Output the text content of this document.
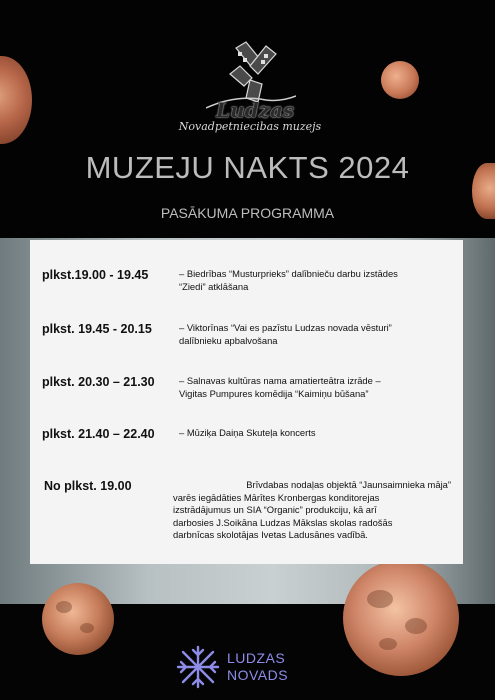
Ludzas
Novadpetniecibas muzejs
MUZEJU NAKTS 2024
PASĀKUMA PROGRAMMA
plkst.19.00 - 19.45	– Biedrības “Musturprieks” dalībnieču darbu izstādes
“Ziedi” atklāšana
plkst. 19.45 - 20.15	– Viktorīnas “Vai es pazīstu Ludzas novada vēsturi”
dalībnieku apbalvošana
plkst. 20.30 – 21.30	– Salnavas kultūras nama amatierteātra izrāde –
Vigitas Pumpures komēdija “Kaimiņu būšana”
plkst. 21.40 – 22.40	– Mūziķa Daiņa Skuteļa koncerts
No plkst. 19.00	Brīvdabas nodaļas objektā “Jaunsaimnieka māja”
varēs iegādāties Mārītes Kronbergas konditorejas
izstrādājumus un SIA “Organic” produkciju, kā arī
darbosies J.Soikāna Ludzas Mākslas skolas radošās
darbnīcas skolotājas Ivetas Ladusānes vadībā.
LUDZAS
NOVADS
